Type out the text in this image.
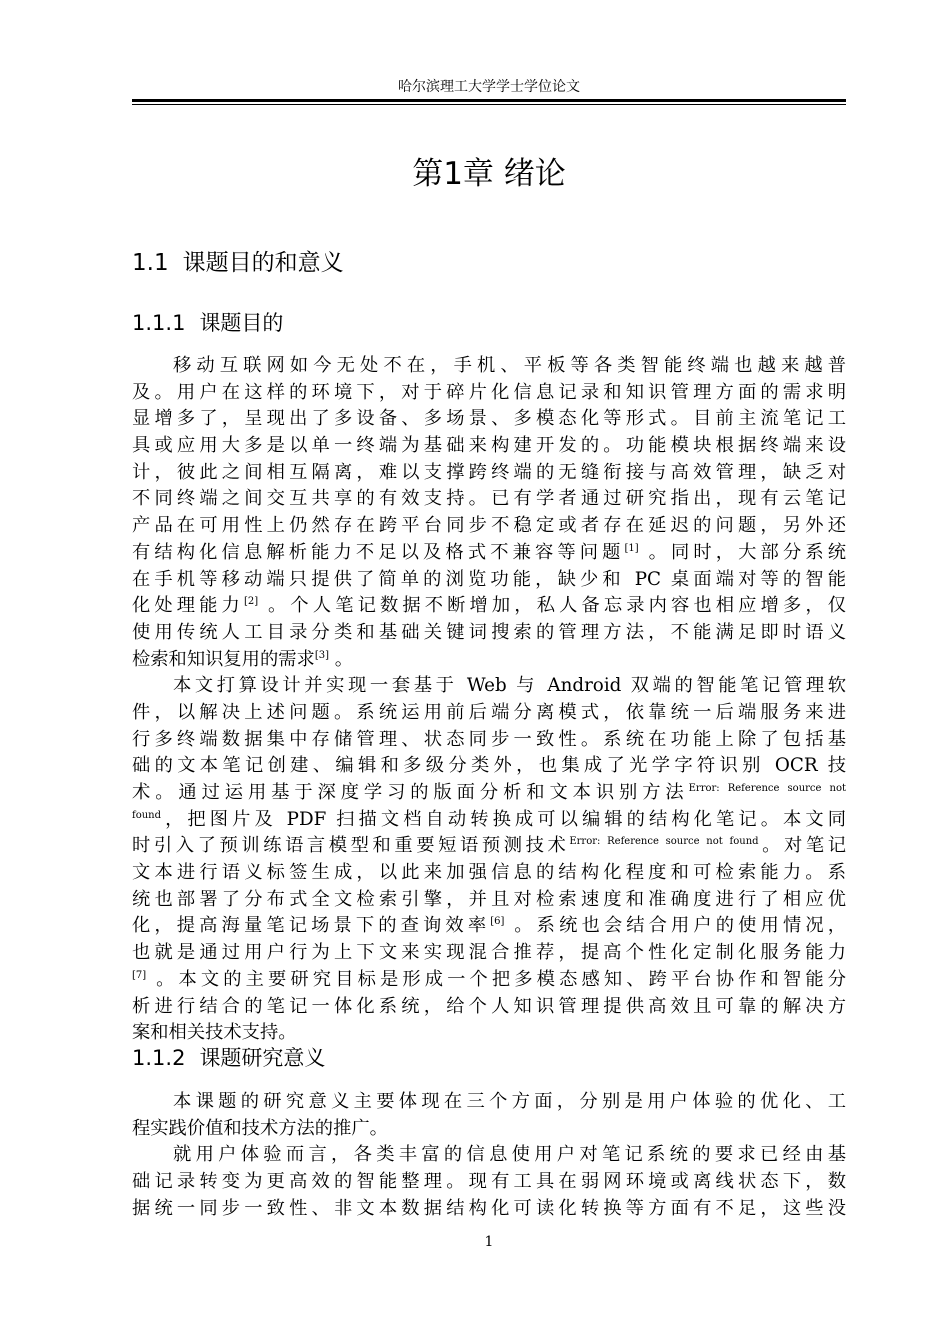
哈尔滨理工大学学士学位论文
第1章 绪论
1.1 课题目的和意义
1.1.1 课题目的
移动互联网如今无处不在，手机、平板等各类智能终端也越来越普
及。用户在这样的环境下，对于碎片化信息记录和知识管理方面的需求明
显增多了，呈现出了多设备、多场景、多模态化等形式。目前主流笔记工
具或应用大多是以单一终端为基础来构建开发的。功能模块根据终端来设
计，彼此之间相互隔离，难以支撑跨终端的无缝衔接与高效管理，缺乏对
不同终端之间交互共享的有效支持。已有学者通过研究指出，现有云笔记
产品在可用性上仍然存在跨平台同步不稳定或者存在延迟的问题，另外还
有结构化信息解析能力不足以及格式不兼容等问题[1] 。同时，大部分系统
在手机等移动端只提供了简单的浏览功能，缺少和 PC 桌面端对等的智能
化处理能力[2] 。个人笔记数据不断增加，私人备忘录内容也相应增多，仅
使用传统人工目录分类和基础关键词搜索的管理方法，不能满足即时语义
检索和知识复用的需求[3] 。
本文打算设计并实现一套基于 Web 与 Android 双端的智能笔记管理软
件，以解决上述问题。系统运用前后端分离模式，依靠统一后端服务来进
行多终端数据集中存储管理、状态同步一致性。系统在功能上除了包括基
础的文本笔记创建、编辑和多级分类外，也集成了光学字符识别 OCR 技
术。通过运用基于深度学习的版面分析和文本识别方法$^{Error: Reference source not}$
$^{found}$，把图片及 PDF 扫描文档自动转换成可以编辑的结构化笔记。本文同
时引入了预训练语言模型和重要短语预测技术$^{Error: Reference source not found}$。对笔记
文本进行语义标签生成，以此来加强信息的结构化程度和可检索能力。系
统也部署了分布式全文检索引擎，并且对检索速度和准确度进行了相应优
化，提高海量笔记场景下的查询效率[6] 。系统也会结合用户的使用情况，
也就是通过用户行为上下文来实现混合推荐，提高个性化定制化服务能力
[7] 。本文的主要研究目标是形成一个把多模态感知、跨平台协作和智能分
析进行结合的笔记一体化系统，给个人知识管理提供高效且可靠的解决方
案和相关技术支持。
1.1.2 课题研究意义
本课题的研究意义主要体现在三个方面，分别是用户体验的优化、工
程实践价值和技术方法的推广。
就用户体验而言，各类丰富的信息使用户对笔记系统的要求已经由基
础记录转变为更高效的智能整理。现有工具在弱网环境或离线状态下，数
据统一同步一致性、非文本数据结构化可读化转换等方面有不足，这些没
1
